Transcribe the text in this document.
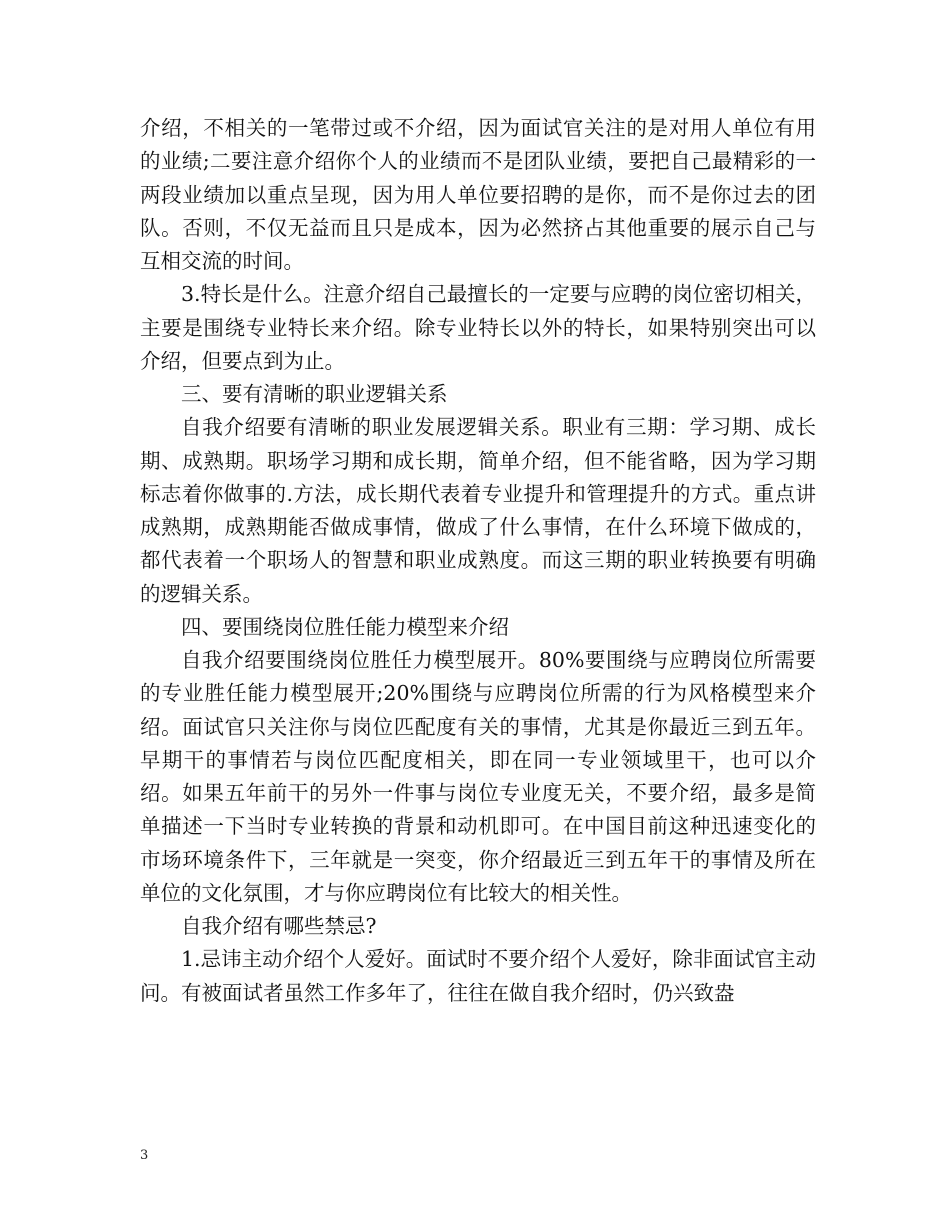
介绍，不相关的一笔带过或不介绍，因为面试官关注的是对用人单位有用的业绩;二要注意介绍你个人的业绩而不是团队业绩，要把自己最精彩的一两段业绩加以重点呈现，因为用人单位要招聘的是你，而不是你过去的团队。否则，不仅无益而且只是成本，因为必然挤占其他重要的展示自己与互相交流的时间。

3.特长是什么。注意介绍自己最擅长的一定要与应聘的岗位密切相关，主要是围绕专业特长来介绍。除专业特长以外的特长，如果特别突出可以介绍，但要点到为止。

三、要有清晰的职业逻辑关系

自我介绍要有清晰的职业发展逻辑关系。职业有三期：学习期、成长期、成熟期。职场学习期和成长期，简单介绍，但不能省略，因为学习期标志着你做事的.方法，成长期代表着专业提升和管理提升的方式。重点讲成熟期，成熟期能否做成事情，做成了什么事情，在什么环境下做成的，都代表着一个职场人的智慧和职业成熟度。而这三期的职业转换要有明确的逻辑关系。

四、要围绕岗位胜任能力模型来介绍

自我介绍要围绕岗位胜任力模型展开。80%要围绕与应聘岗位所需要的专业胜任能力模型展开;20%围绕与应聘岗位所需的行为风格模型来介绍。面试官只关注你与岗位匹配度有关的事情，尤其是你最近三到五年。早期干的事情若与岗位匹配度相关，即在同一专业领域里干，也可以介绍。如果五年前干的另外一件事与岗位专业度无关，不要介绍，最多是简单描述一下当时专业转换的背景和动机即可。在中国目前这种迅速变化的市场环境条件下，三年就是一突变，你介绍最近三到五年干的事情及所在单位的文化氛围，才与你应聘岗位有比较大的相关性。

自我介绍有哪些禁忌?

1.忌讳主动介绍个人爱好。面试时不要介绍个人爱好，除非面试官主动问。有被面试者虽然工作多年了，往往在做自我介绍时，仍兴致盎

3
